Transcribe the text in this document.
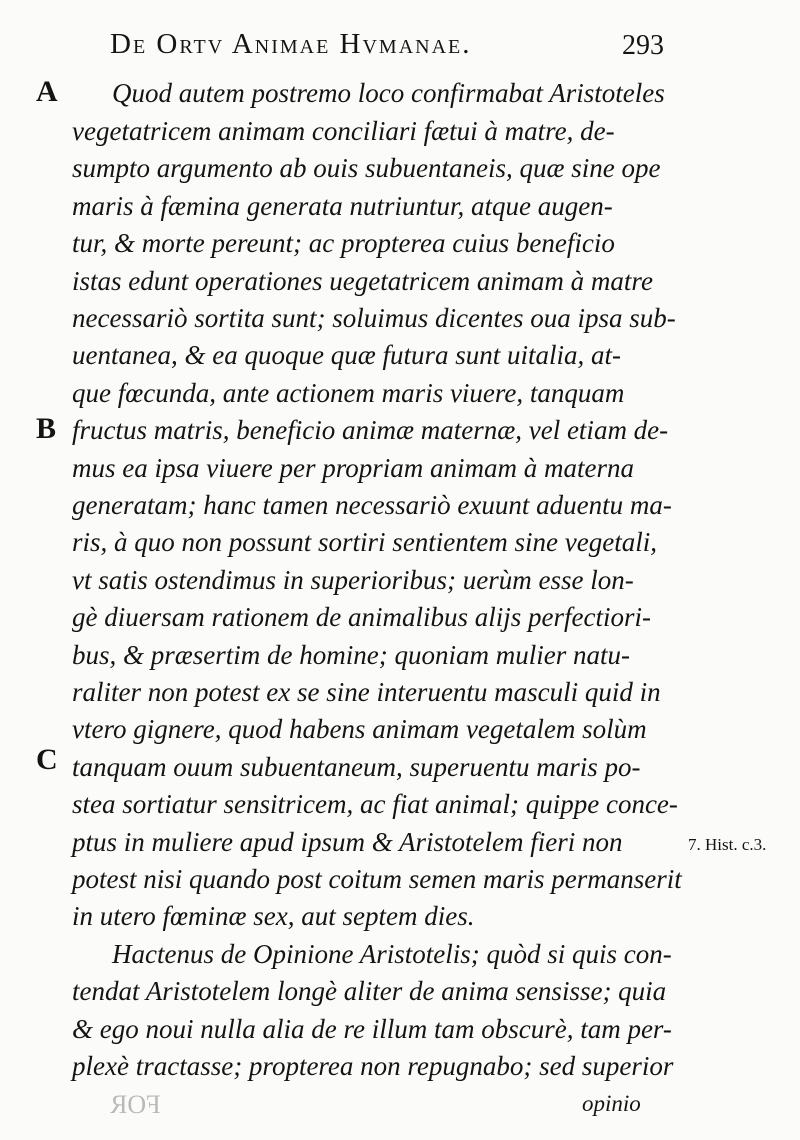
De Ortv Animae Hvmanae.	293
A
B
C
Quod autem postremo loco confirmabat Aristoteles
vegetatricem animam conciliari fætui à matre, de-
sumpto argumento ab ouis subuentaneis, quæ sine ope
maris à fæmina generata nutriuntur, atque augen-
tur, & morte pereunt; ac propterea cuius beneficio
istas edunt operationes uegetatricem animam à matre
necessariò sortita sunt; soluimus dicentes oua ipsa sub-
uentanea, & ea quoque quæ futura sunt uitalia, at-
que fœcunda, ante actionem maris viuere, tanquam
fructus matris, beneficio animæ maternæ, vel etiam de-
mus ea ipsa viuere per propriam animam à materna
generatam; hanc tamen necessariò exuunt aduentu ma-
ris, à quo non possunt sortiri sentientem sine vegetali,
vt satis ostendimus in superioribus; uerùm esse lon-
gè diuersam rationem de animalibus alijs perfectiori-
bus, & præsertim de homine; quoniam mulier natu-
raliter non potest ex se sine interuentu masculi quid in
vtero gignere, quod habens animam vegetalem solùm
tanquam ouum subuentaneum, superuentu maris po-
stea sortiatur sensitricem, ac fiat animal; quippe conce-
ptus in muliere apud ipsum & Aristotelem fieri non
potest nisi quando post coitum semen maris permanserit
in utero fœminæ sex, aut septem dies.
Hactenus de Opinione Aristotelis; quòd si quis con-
tendat Aristotelem longè aliter de anima sensisse; quia
& ego noui nulla alia de re illum tam obscurè, tam per-
plexè tractasse; propterea non repugnabo; sed superior
opinio
7. Hist. c.3.
FOR
